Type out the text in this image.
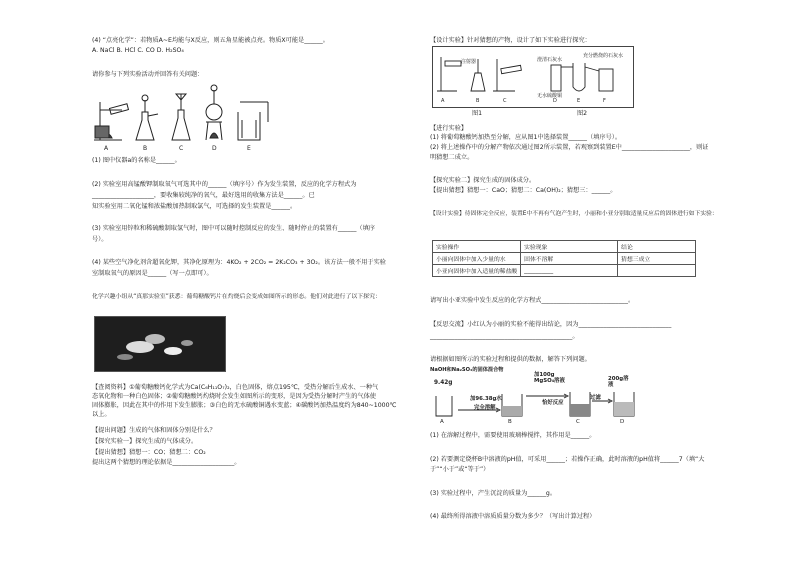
(4) “点亮化学”：若物质A~E均能与X反应，则五角星能被点亮。物质X可能是______。
A. NaCl B. HCl C. CO D. H₂SO₄
请你参与下列实验活动并回答有关问题：
A	B	C	D	E
(1) 图中仪器a的名称是______。
(2) 实验室用高锰酸钾制取氧气可选其中的______（填序号）作为发生装置，反应的化学方程式为
____________________，要收集较纯净的氧气，最好选用的收集方法是______。已
知实验室用二氧化锰和浓盐酸加热制取氯气，可选择的发生装置是______。
(3) 实验室用锌粒和稀硫酸制取氢气时，图中可以随时控制反应的发生、随时停止的装置有______（填序
号）。
(4) 某些空气净化剂含超氧化钾，其净化原理为：4KO₂ + 2CO₂ = 2K₂CO₃ + 3O₂。该方法一般不用于实验
室制取氧气的原因是______（写一点即可）。
化学兴趣小组从“真那实验室”获悉：葡萄糖酸钙片在灼烧后会变成如图所示的形态。他们对此进行了以下探究：
【查阅资料】①葡萄糖酸钙化学式为Ca(C₆H₁₁O₇)₂，白色固体，熔点195℃，受热分解后生成水、一种气
态氧化物和一种白色固体；②葡萄糖酸钙灼烧时会发生如图所示的变形，是因为受热分解时产生的气体使
固体膨胀，因此在其中的作用下发生膨胀；③白色的无水硫酸铜遇水变蓝；④碳酸钙加热温度约为840~1000℃
以上。
【提出问题】生成的气体和固体分别是什么？
【探究实验一】探究生成的气体成分。
【提出猜想】猜想一：CO；猜想二：CO₂
提出这两个猜想的理论依据是____________________。
【设计实验】针对猜想的产物，设计了如下实验进行探究：
注射器	澄清石灰水
无水硫酸铜
充分燃烧的石灰水
A	B	C	D	E	F
图1	图2
【进行实验】
(1) 将葡萄糖酸钙加热至分解，应从图1中选择装置______（填序号）。
(2) 将上述操作中的分解产物依次通过图2所示装置，若观察到装置E中______________________，则证
明猜想二成立。
【探究实验二】探究生成的固体成分。
【提出猜想】猜想一：CaO；猜想二：Ca(OH)₂；猜想三：______。
【设计实验】待固体完全反应，装置E中不再有气泡产生时，小丽和小亚分别取适量反应后的固体进行如下实验：
实验操作	实验现象	结论
小丽向固体中加入少量的水	固体不溶解	猜想三成立
小亚向固体中加入适量的稀盐酸	__________	
请写出小亚实验中发生反应的化学方程式____________________________。
【反思交流】小红认为小丽的实验不能得出结论，因为______________________________
______________________________________________。
请根据如图所示的实验过程和提供的数据，解答下列问题。
NaOH和Na₂SO₄的固体混合物
9.42g
加96.38g水
完全溶解
加100g MgSO₄溶液
恰好反应
过滤
200g溶液
A	B	C	D
(1) 在溶解过程中，需要使用玻璃棒搅拌，其作用是______。
(2) 若要测定烧杯B中溶液的pH值，可采用______；若操作正确，此时溶液的pH值将______7（填“大
于”“小于”或“等于”）
(3) 实验过程中，产生沉淀的质量为______g。
(4) 最终所得溶液中溶质质量分数为多少？（写出计算过程）
